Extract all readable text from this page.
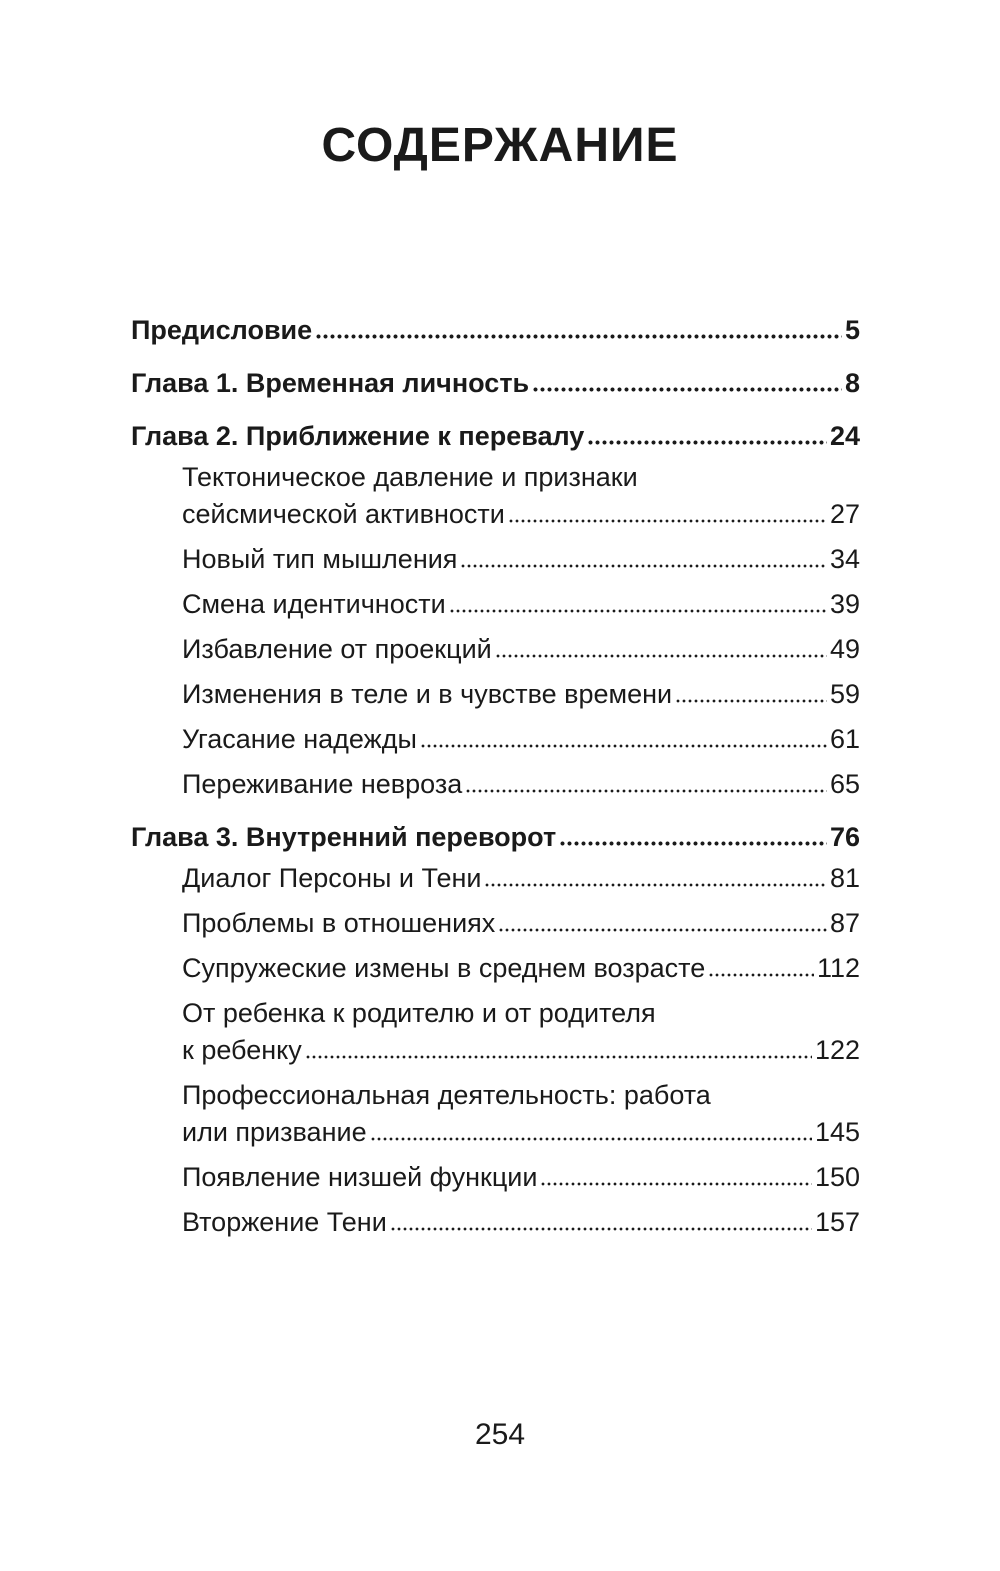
СОДЕРЖАНИЕ
Предисловие	5
Глава 1. Временная личность	8
Глава 2. Приближение к перевалу	24
Тектоническое давление и признаки
сейсмической активности	27
Новый тип мышления	34
Смена идентичности	39
Избавление от проекций	49
Изменения в теле и в чувстве времени	59
Угасание надежды	61
Переживание невроза	65
Глава 3. Внутренний переворот	76
Диалог Персоны и Тени	81
Проблемы в отношениях	87
Супружеские измены в среднем возрасте	112
От ребенка к родителю и от родителя
к ребенку	122
Профессиональная деятельность: работа
или призвание	145
Появление низшей функции	150
Вторжение Тени	157
254
